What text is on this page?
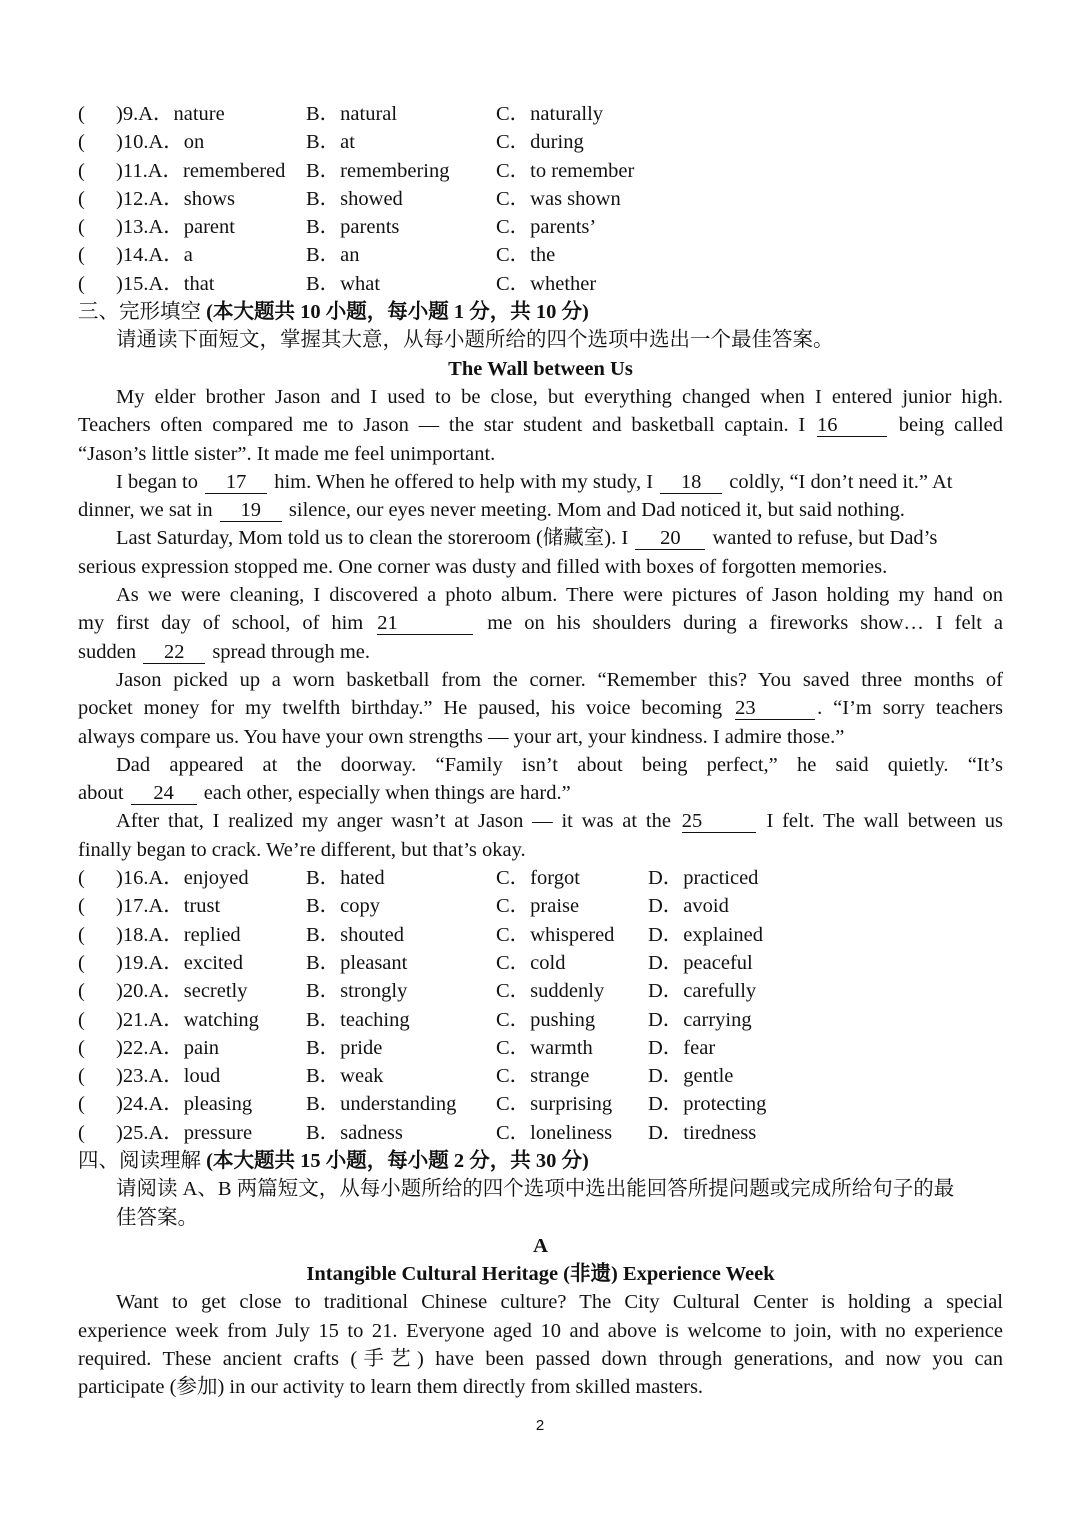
( )9.A．nature	B．natural	C．naturally
( )10.A．on	B．at	C．during
( )11.A．remembered B．remembering C．to remember
( )12.A．shows	B．showed	C．was shown
( )13.A．parent	B．parents	C．parents’
( )14.A．a	B．an	C．the
( )15.A．that	B．what	C．whether
三、完形填空 (本大题共 10 小题，每小题 1 分，共 10 分)
请通读下面短文，掌握其大意，从每小题所给的四个选项中选出一个最佳答案。
The Wall between Us
My elder brother Jason and I used to be close, but everything changed when I entered junior high.
Teachers often compared me to Jason — the star student and basketball captain. I 16	being called
“Jason’s little sister”. It made me feel unimportant.
I began to 17 him. When he offered to help with my study, I 18 coldly, “I don’t need it.” At
dinner, we sat in 19 silence, our eyes never meeting. Mom and Dad noticed it, but said nothing.
Last Saturday, Mom told us to clean the storeroom (储藏室). I 20 wanted to refuse, but Dad’s
serious expression stopped me. One corner was dusty and filled with boxes of forgotten memories.
As we were cleaning, I discovered a photo album. There were pictures of Jason holding my hand on
my first day of school, of him 21	me on his shoulders during a fireworks show… I felt a
sudden 22 spread through me.
Jason picked up a worn basketball from the corner. “Remember this? You saved three months of
pocket money for my twelfth birthday.” He paused, his voice becoming 23	. “I’m sorry teachers
always compare us. You have your own strengths — your art, your kindness. I admire those.”
Dad appeared at the doorway. “Family isn’t about being perfect,” he said quietly. “It’s
about 24 each other, especially when things are hard.”
After that, I realized my anger wasn’t at Jason — it was at the 25	I felt. The wall between us
finally began to crack. We’re different, but that’s okay.
( )16.A．enjoyed	B．hated	C．forgot	D．practiced
( )17.A．trust	B．copy	C．praise	D．avoid
( )18.A．replied	B．shouted	C．whispered D．explained
( )19.A．excited	B．pleasant	C．cold	D．peaceful
( )20.A．secretly	B．strongly	C．suddenly D．carefully
( )21.A．watching B．teaching	C．pushing	D．carrying
( )22.A．pain	B．pride	C．warmth	D．fear
( )23.A．loud	B．weak	C．strange	D．gentle
( )24.A．pleasing	B．understanding C．surprising D．protecting
( )25.A．pressure	B．sadness	C．loneliness D．tiredness
四、阅读理解 (本大题共 15 小题，每小题 2 分，共 30 分)
请阅读 A、B 两篇短文，从每小题所给的四个选项中选出能回答所提问题或完成所给句子的最
佳答案。
A
Intangible Cultural Heritage (非遗) Experience Week
Want to get close to traditional Chinese culture? The City Cultural Center is holding a special
experience week from July 15 to 21. Everyone aged 10 and above is welcome to join, with no experience
required. These ancient crafts (手艺) have been passed down through generations, and now you can
participate (参加) in our activity to learn them directly from skilled masters.
2
